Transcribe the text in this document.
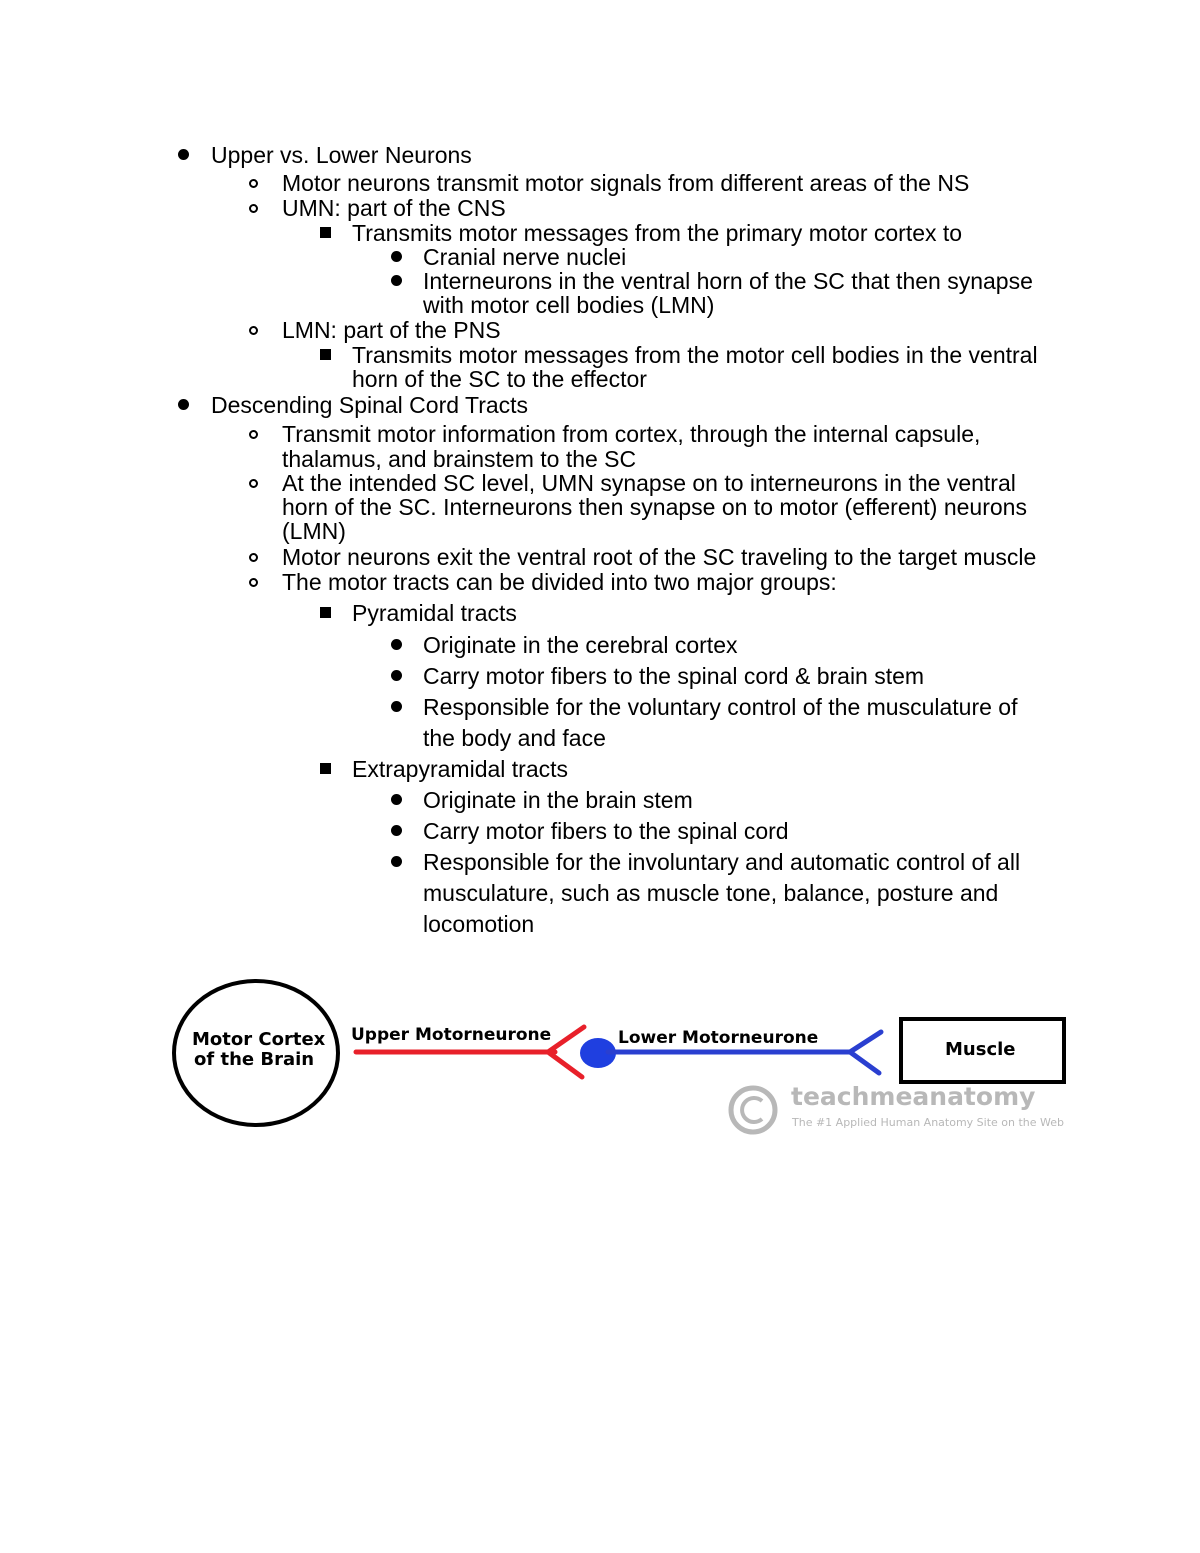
Upper vs. Lower Neurons
Motor neurons transmit motor signals from different areas of the NS
UMN: part of the CNS
Transmits motor messages from the primary motor cortex to
Cranial nerve nuclei
Interneurons in the ventral horn of the SC that then synapse
with motor cell bodies (LMN)
LMN: part of the PNS
Transmits motor messages from the motor cell bodies in the ventral
horn of the SC to the effector
Descending Spinal Cord Tracts
Transmit motor information from cortex, through the internal capsule,
thalamus, and brainstem to the SC
At the intended SC level, UMN synapse on to interneurons in the ventral
horn of the SC. Interneurons then synapse on to motor (efferent) neurons
(LMN)
Motor neurons exit the ventral root of the SC traveling to the target muscle
The motor tracts can be divided into two major groups:
Pyramidal tracts
Originate in the cerebral cortex
Carry motor fibers to the spinal cord & brain stem
Responsible for the voluntary control of the musculature of
the body and face
Extrapyramidal tracts
Originate in the brain stem
Carry motor fibers to the spinal cord
Responsible for the involuntary and automatic control of all
musculature, such as muscle tone, balance, posture and
locomotion
Motor Cortex
of the Brain
Upper Motorneurone	Lower Motorneurone
Muscle
teachmeanatomy
The #1 Applied Human Anatomy Site on the Web
